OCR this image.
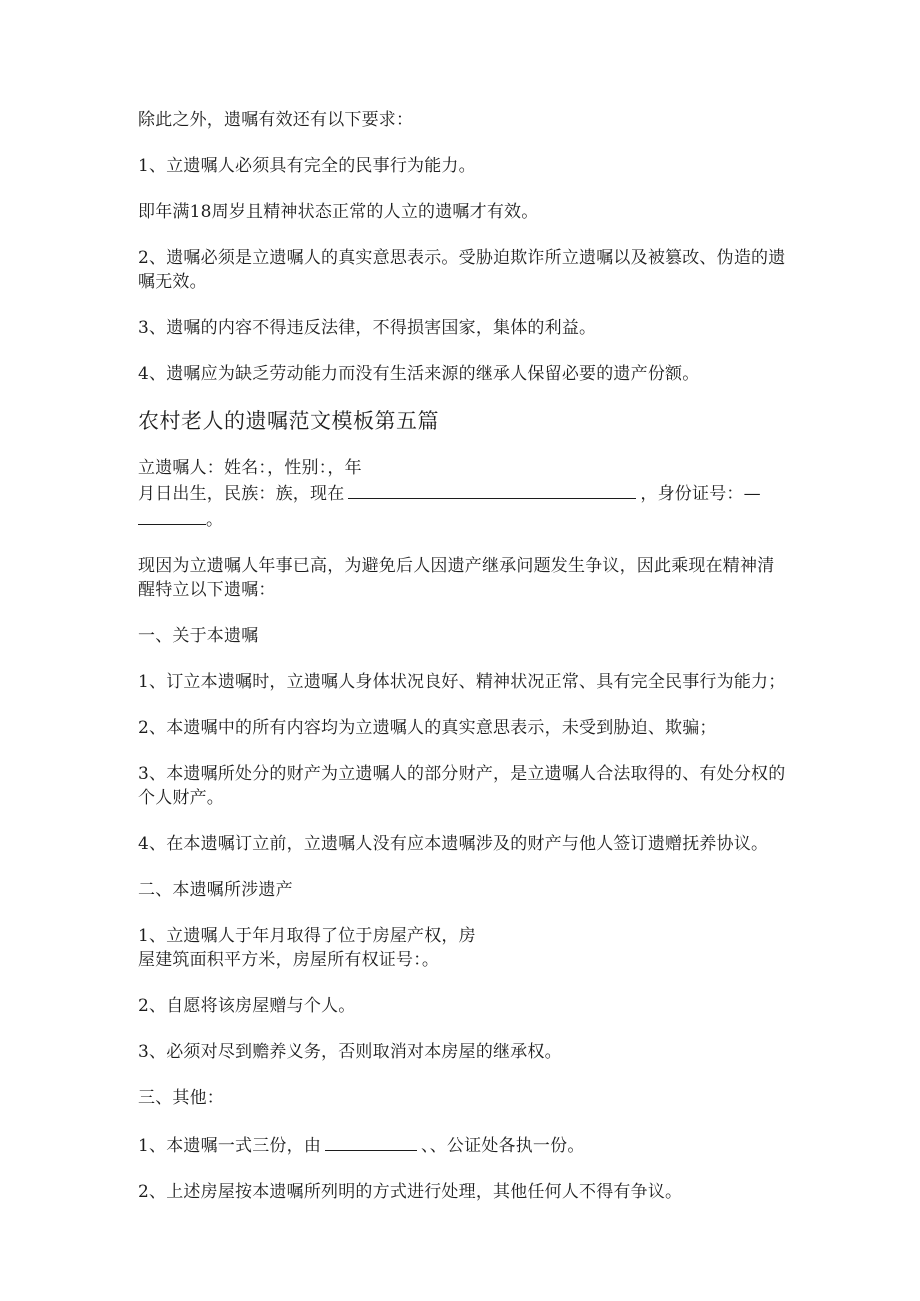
除此之外，遗嘱有效还有以下要求：

1、立遗嘱人必须具有完全的民事行为能力。

即年满18周岁且精神状态正常的人立的遗嘱才有效。

2、遗嘱必须是立遗嘱人的真实意思表示。受胁迫欺诈所立遗嘱以及被篡改、伪造的遗嘱无效。

3、遗嘱的内容不得违反法律，不得损害国家，集体的利益。

4、遗嘱应为缺乏劳动能力而没有生活来源的继承人保留必要的遗产份额。

农村老人的遗嘱范文模板第五篇

立遗嘱人：姓名：，性别：，年

月日出生，民族：族，现在	，身份证号：—

。

现因为立遗嘱人年事已高，为避免后人因遗产继承问题发生争议，因此乘现在精神清醒特立以下遗嘱：

一、关于本遗嘱

1、订立本遗嘱时，立遗嘱人身体状况良好、精神状况正常、具有完全民事行为能力；

2、本遗嘱中的所有内容均为立遗嘱人的真实意思表示，未受到胁迫、欺骗；

3、本遗嘱所处分的财产为立遗嘱人的部分财产，是立遗嘱人合法取得的、有处分权的个人财产。

4、在本遗嘱订立前，立遗嘱人没有应本遗嘱涉及的财产与他人签订遗赠抚养协议。

二、本遗嘱所涉遗产

1、立遗嘱人于年月取得了位于房屋产权，房

屋建筑面积平方米，房屋所有权证号：。

2、自愿将该房屋赠与个人。

3、必须对尽到赡养义务，否则取消对本房屋的继承权。

三、其他：

1、本遗嘱一式三份，由	、、公证处各执一份。

2、上述房屋按本遗嘱所列明的方式进行处理，其他任何人不得有争议。
